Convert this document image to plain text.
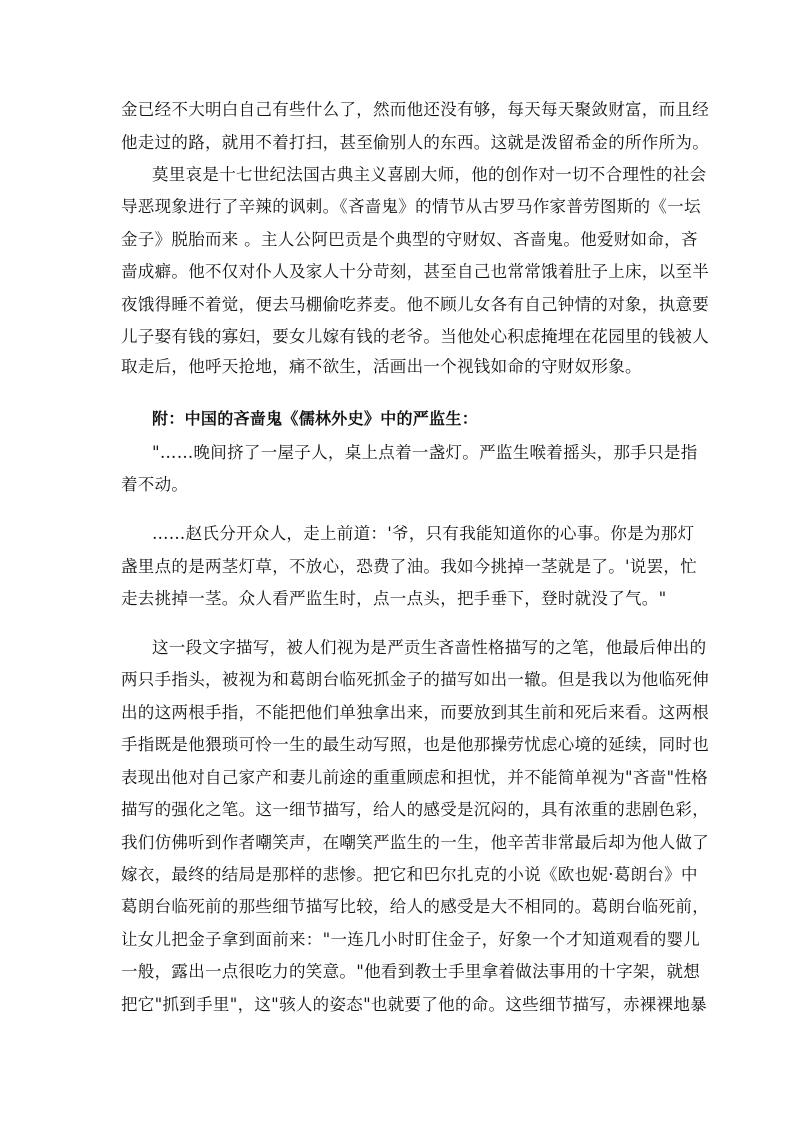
金已经不大明白自己有些什么了，然而他还没有够，每天每天聚敛财富，而且经
他走过的路，就用不着打扫，甚至偷别人的东西。这就是泼留希金的所作所为。
莫里哀是十七世纪法国古典主义喜剧大师，他的创作对一切不合理性的社会
导恶现象进行了辛辣的讽刺。《吝啬鬼》的情节从古罗马作家普劳图斯的《一坛
金子》脱胎而来 。主人公阿巴贡是个典型的守财奴、吝啬鬼。他爱财如命，吝
啬成癖。他不仅对仆人及家人十分苛刻，甚至自己也常常饿着肚子上床，以至半
夜饿得睡不着觉，便去马棚偷吃荞麦。他不顾儿女各有自己钟情的对象，执意要
儿子娶有钱的寡妇，要女儿嫁有钱的老爷。当他处心积虑掩埋在花园里的钱被人
取走后，他呼天抢地，痛不欲生，活画出一个视钱如命的守财奴形象。
附：中国的吝啬鬼《儒林外史》中的严监生：
"……晚间挤了一屋子人，桌上点着一盏灯。严监生喉着摇头，那手只是指
着不动。
……赵氏分开众人，走上前道：'爷，只有我能知道你的心事。你是为那灯
盏里点的是两茎灯草，不放心，恐费了油。我如今挑掉一茎就是了。'说罢，忙
走去挑掉一茎。众人看严监生时，点一点头，把手垂下，登时就没了气。"
这一段文字描写，被人们视为是严贡生吝啬性格描写的之笔，他最后伸出的
两只手指头，被视为和葛朗台临死抓金子的描写如出一辙。但是我以为他临死伸
出的这两根手指，不能把他们单独拿出来，而要放到其生前和死后来看。这两根
手指既是他猥琐可怜一生的最生动写照，也是他那操劳忧虑心境的延续，同时也
表现出他对自己家产和妻儿前途的重重顾虑和担忧，并不能简单视为"吝啬"性格
描写的强化之笔。这一细节描写，给人的感受是沉闷的，具有浓重的悲剧色彩，
我们仿佛听到作者嘲笑声，在嘲笑严监生的一生，他辛苦非常最后却为他人做了
嫁衣，最终的结局是那样的悲惨。把它和巴尔扎克的小说《欧也妮·葛朗台》中
葛朗台临死前的那些细节描写比较，给人的感受是大不相同的。葛朗台临死前，
让女儿把金子拿到面前来："一连几小时盯住金子，好象一个才知道观看的婴儿
一般，露出一点很吃力的笑意。"他看到教士手里拿着做法事用的十字架，就想
把它"抓到手里"，这"骇人的姿态"也就要了他的命。这些细节描写，赤裸裸地暴
